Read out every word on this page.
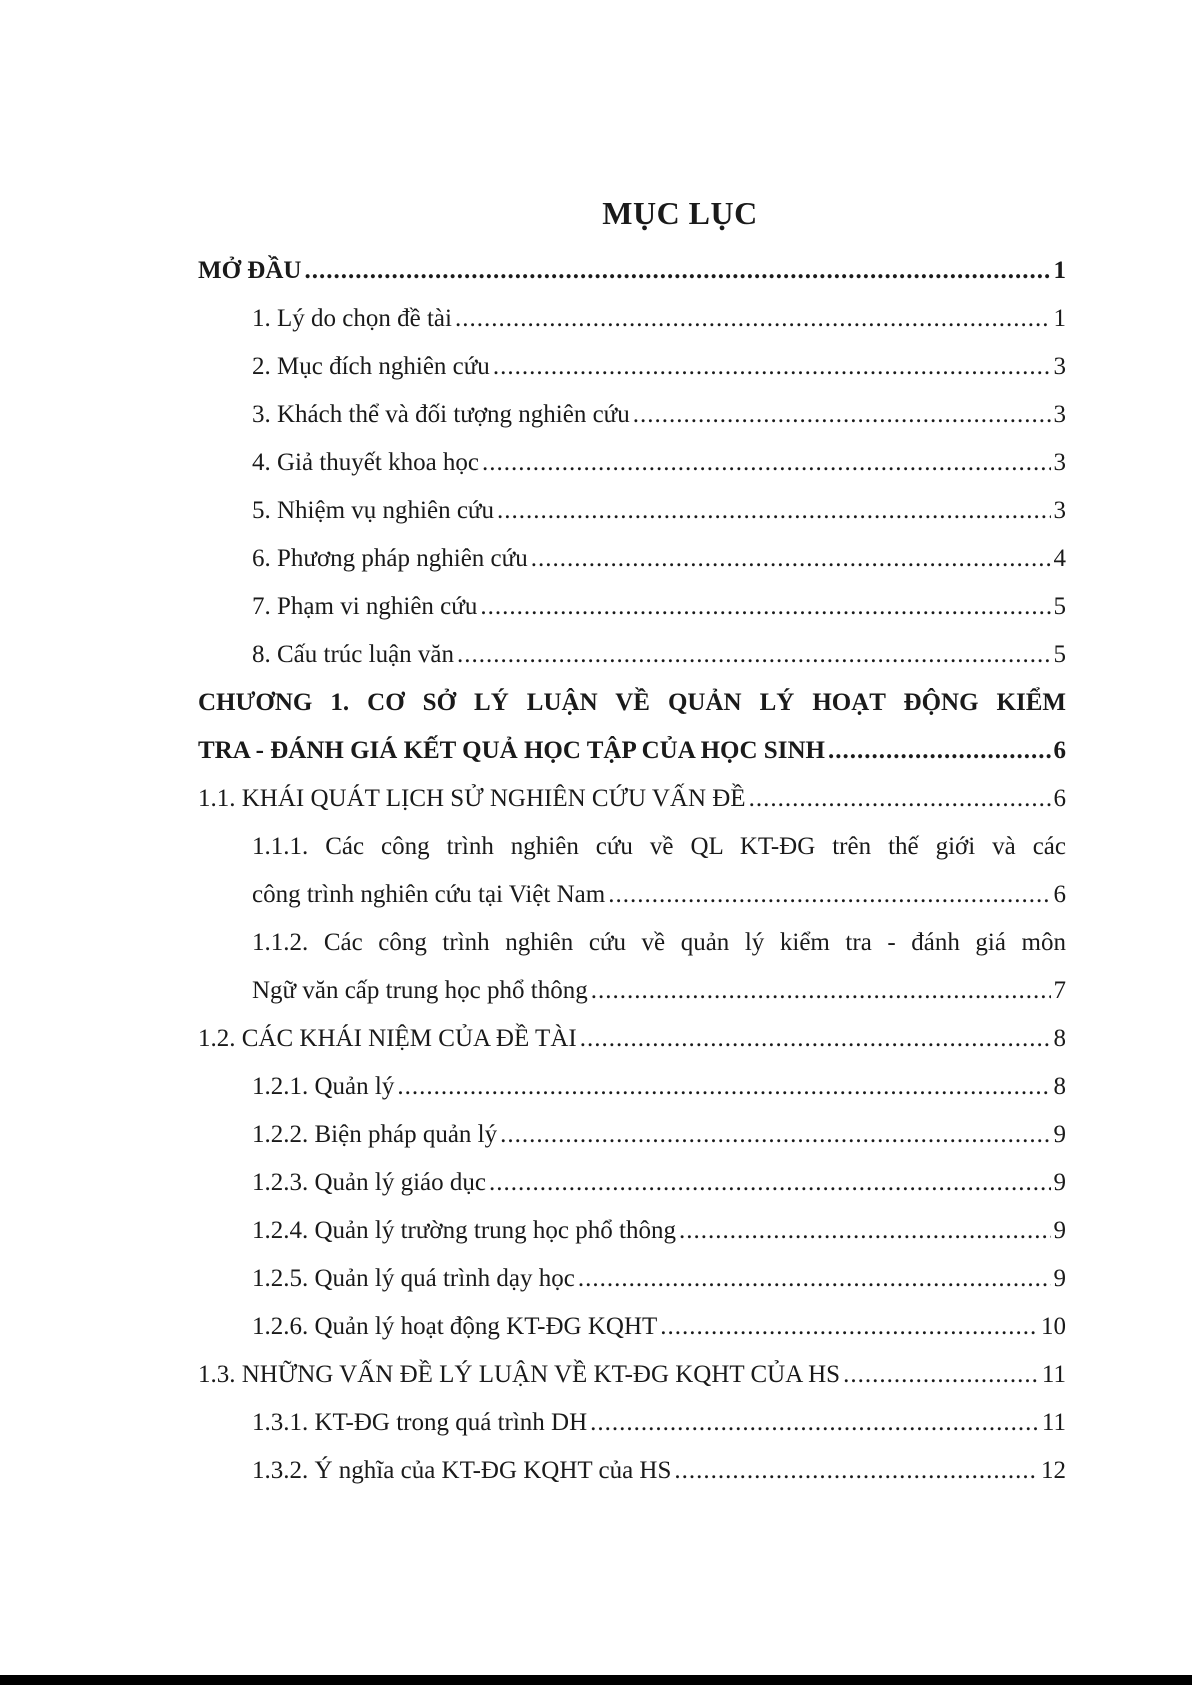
MỤC LỤC
MỞ ĐẦU .....	1
1. Lý do chọn đề tài .....	1
2. Mục đích nghiên cứu .....	3
3. Khách thể và đối tượng nghiên cứu .....	3
4. Giả thuyết khoa học .....	3
5. Nhiệm vụ nghiên cứu .....	3
6. Phương pháp nghiên cứu .....	4
7. Phạm vi nghiên cứu .....	5
8. Cấu trúc luận văn .....	5
CHƯƠNG 1. CƠ SỞ LÝ LUẬN VỀ QUẢN LÝ HOẠT ĐỘNG KIỂM
TRA - ĐÁNH GIÁ KẾT QUẢ HỌC TẬP CỦA HỌC SINH .....	6
1.1. KHÁI QUÁT LỊCH SỬ NGHIÊN CỨU VẤN ĐỀ .....	6
1.1.1. Các công trình nghiên cứu về QL KT-ĐG trên thế giới và các
công trình nghiên cứu tại Việt Nam .....	6
1.1.2. Các công trình nghiên cứu về quản lý kiểm tra - đánh giá môn
Ngữ văn cấp trung học phổ thông .....	7
1.2. CÁC KHÁI NIỆM CỦA ĐỀ TÀI .....	8
1.2.1. Quản lý .....	8
1.2.2. Biện pháp quản lý .....	9
1.2.3. Quản lý giáo dục .....	9
1.2.4. Quản lý trường trung học phổ thông .....	9
1.2.5. Quản lý quá trình dạy học .....	9
1.2.6. Quản lý hoạt động KT-ĐG KQHT .....	10
1.3. NHỮNG VẤN ĐỀ LÝ LUẬN VỀ KT-ĐG KQHT CỦA HS .....	11
1.3.1. KT-ĐG trong quá trình DH .....	11
1.3.2. Ý nghĩa của KT-ĐG KQHT của HS .....	12
